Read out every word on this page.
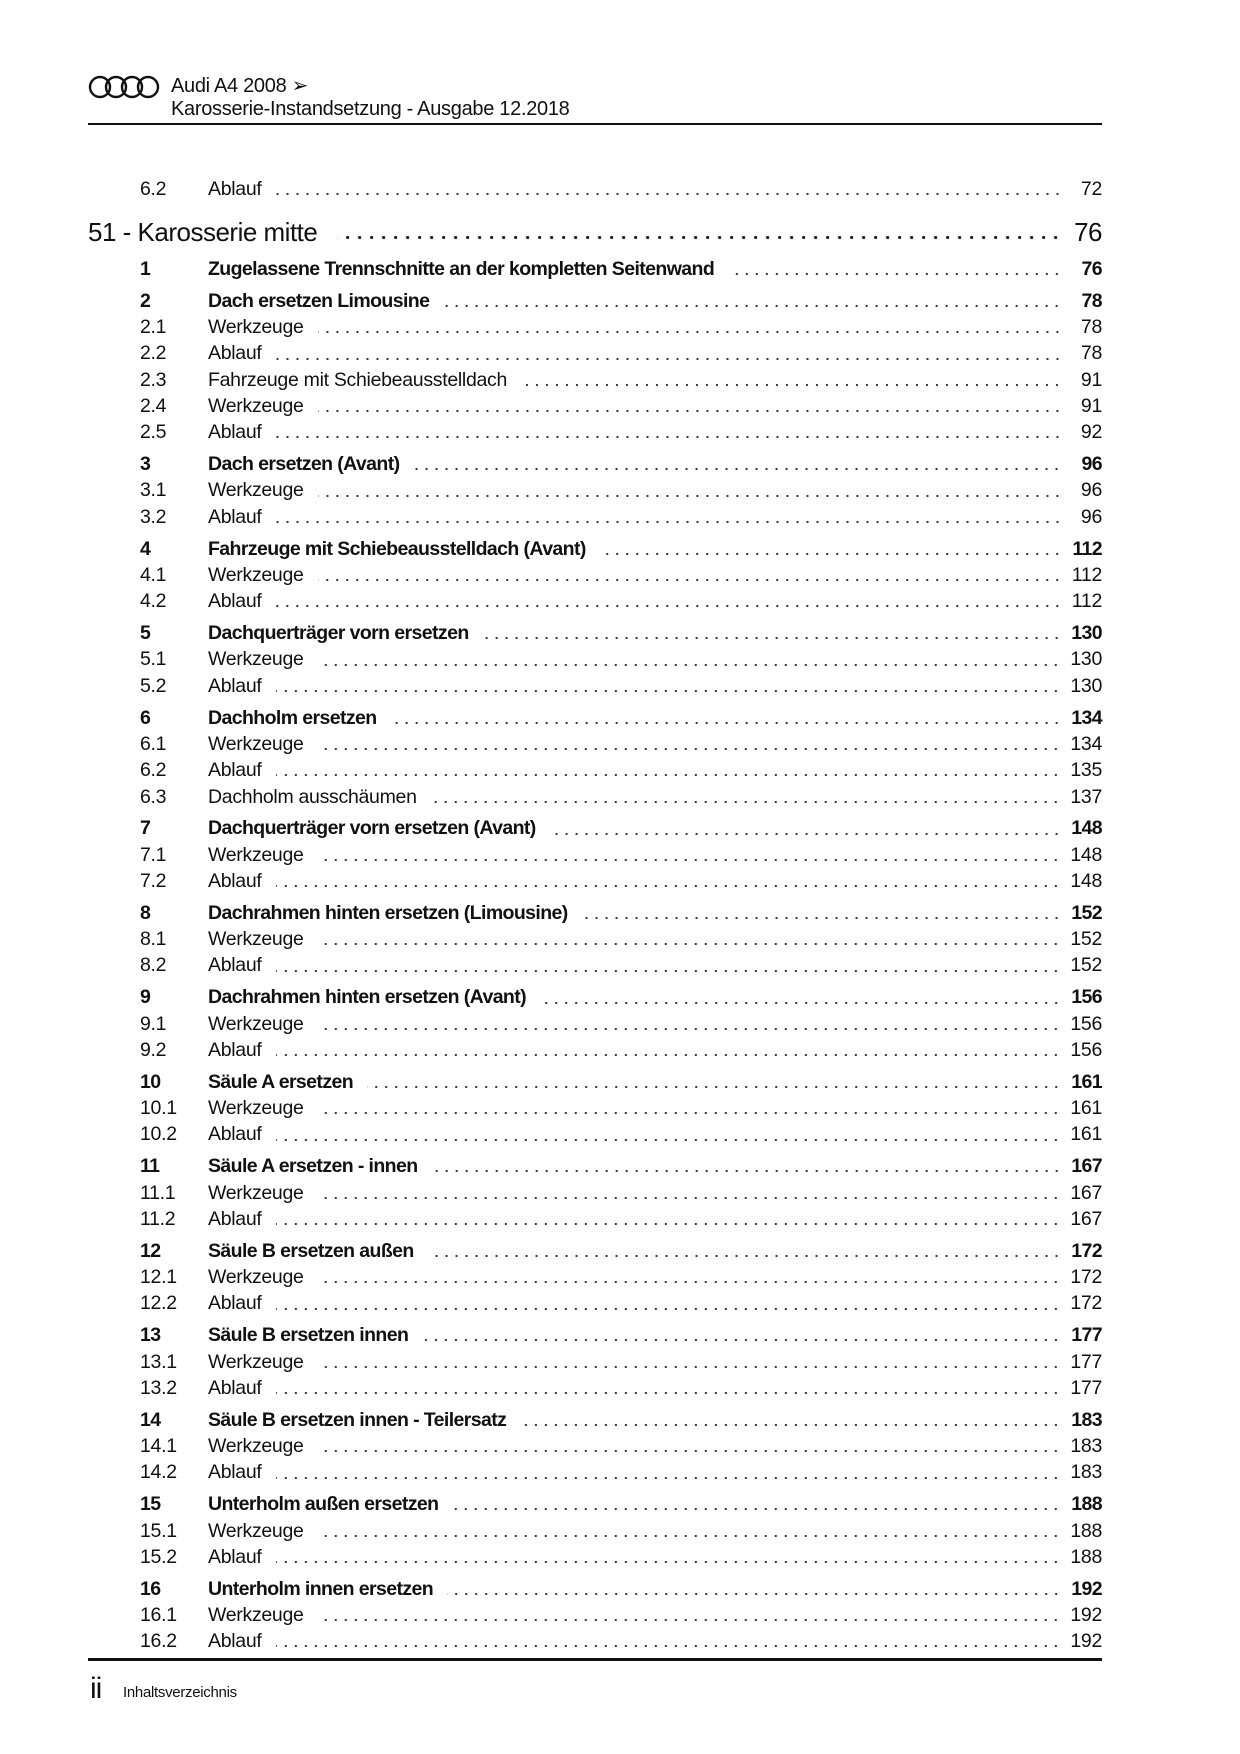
Audi A4 2008 ➢
Karosserie-Instandsetzung - Ausgabe 12.2018
6.2	Ablauf	72
51 - Karosserie mitte	76
1	Zugelassene Trennschnitte an der kompletten Seitenwand	76
2	Dach ersetzen Limousine	78
2.1	Werkzeuge	78
2.2	Ablauf	78
2.3	Fahrzeuge mit Schiebeausstelldach	91
2.4	Werkzeuge	91
2.5	Ablauf	92
3	Dach ersetzen (Avant)	96
3.1	Werkzeuge	96
3.2	Ablauf	96
4	Fahrzeuge mit Schiebeausstelldach (Avant)	112
4.1	Werkzeuge	112
4.2	Ablauf	112
5	Dachquerträger vorn ersetzen	130
5.1	Werkzeuge	130
5.2	Ablauf	130
6	Dachholm ersetzen	134
6.1	Werkzeuge	134
6.2	Ablauf	135
6.3	Dachholm ausschäumen	137
7	Dachquerträger vorn ersetzen (Avant)	148
7.1	Werkzeuge	148
7.2	Ablauf	148
8	Dachrahmen hinten ersetzen (Limousine)	152
8.1	Werkzeuge	152
8.2	Ablauf	152
9	Dachrahmen hinten ersetzen (Avant)	156
9.1	Werkzeuge	156
9.2	Ablauf	156
10	Säule A ersetzen	161
10.1	Werkzeuge	161
10.2	Ablauf	161
11	Säule A ersetzen - innen	167
11.1	Werkzeuge	167
11.2	Ablauf	167
12	Säule B ersetzen außen	172
12.1	Werkzeuge	172
12.2	Ablauf	172
13	Säule B ersetzen innen	177
13.1	Werkzeuge	177
13.2	Ablauf	177
14	Säule B ersetzen innen - Teilersatz	183
14.1	Werkzeuge	183
14.2	Ablauf	183
15	Unterholm außen ersetzen	188
15.1	Werkzeuge	188
15.2	Ablauf	188
16	Unterholm innen ersetzen	192
16.1	Werkzeuge	192
16.2	Ablauf	192
ii Inhaltsverzeichnis
